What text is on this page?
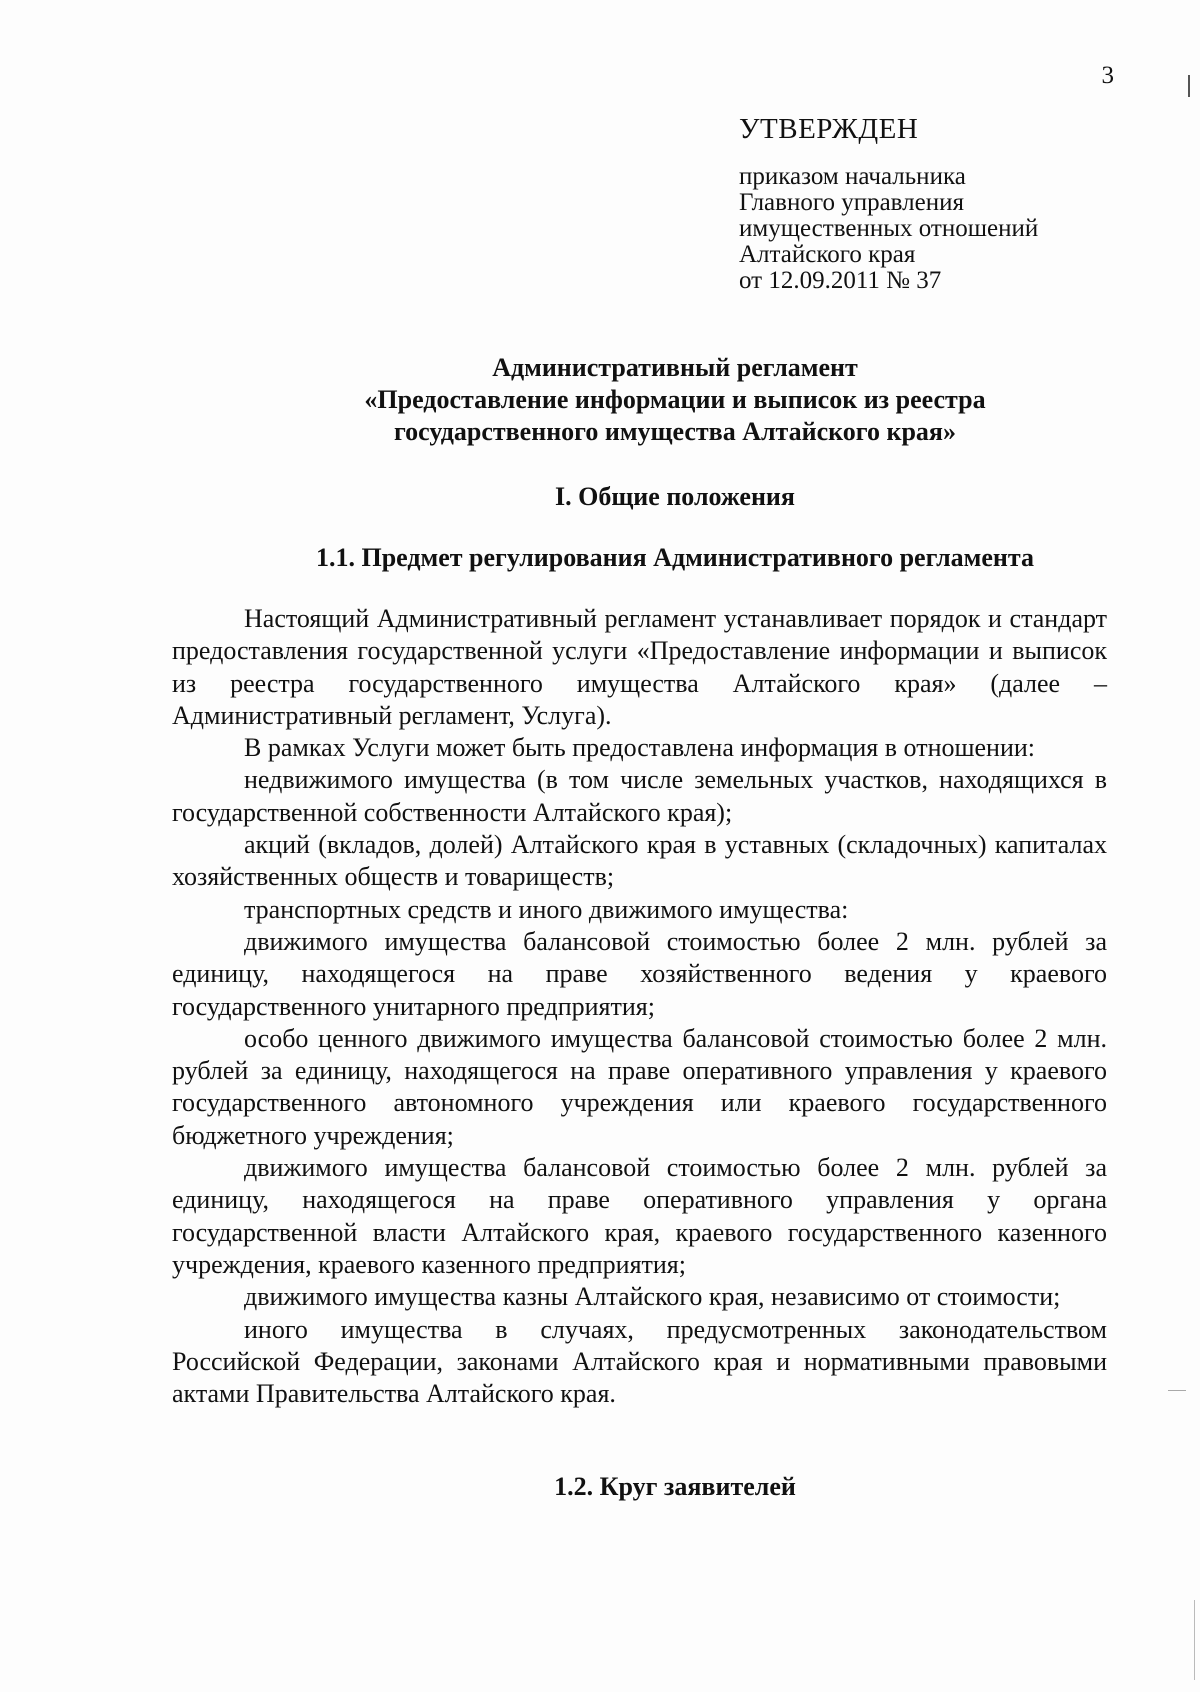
3
УТВЕРЖДЕН
приказом начальника
Главного управления
имущественных отношений
Алтайского края
от 12.09.2011 № 37
Административный регламент
«Предоставление информации и выписок из реестра
государственного имущества Алтайского края»
I. Общие положения
1.1. Предмет регулирования Административного регламента

Настоящий Административный регламент устанавливает порядок и стандарт предоставления государственной услуги «Предоставление информации и выписок из реестра государственного имущества Алтайского края» (далее – Административный регламент, Услуга).

В рамках Услуги может быть предоставлена информация в отношении:

недвижимого имущества (в том числе земельных участков, находящихся в государственной собственности Алтайского края);

акций (вкладов, долей) Алтайского края в уставных (складочных) капиталах хозяйственных обществ и товариществ;

транспортных средств и иного движимого имущества:

движимого имущества балансовой стоимостью более 2 млн. рублей за единицу, находящегося на праве хозяйственного ведения у краевого государственного унитарного предприятия;

особо ценного движимого имущества балансовой стоимостью более 2 млн. рублей за единицу, находящегося на праве оперативного управления у краевого государственного автономного учреждения или краевого государственного бюджетного учреждения;

движимого имущества балансовой стоимостью более 2 млн. рублей за единицу, находящегося на праве оперативного управления у органа государственной власти Алтайского края, краевого государственного казенного учреждения, краевого казенного предприятия;

движимого имущества казны Алтайского края, независимо от стоимости;

иного имущества в случаях, предусмотренных законодательством Российской Федерации, законами Алтайского края и нормативными правовыми актами Правительства Алтайского края.

1.2. Круг заявителей
